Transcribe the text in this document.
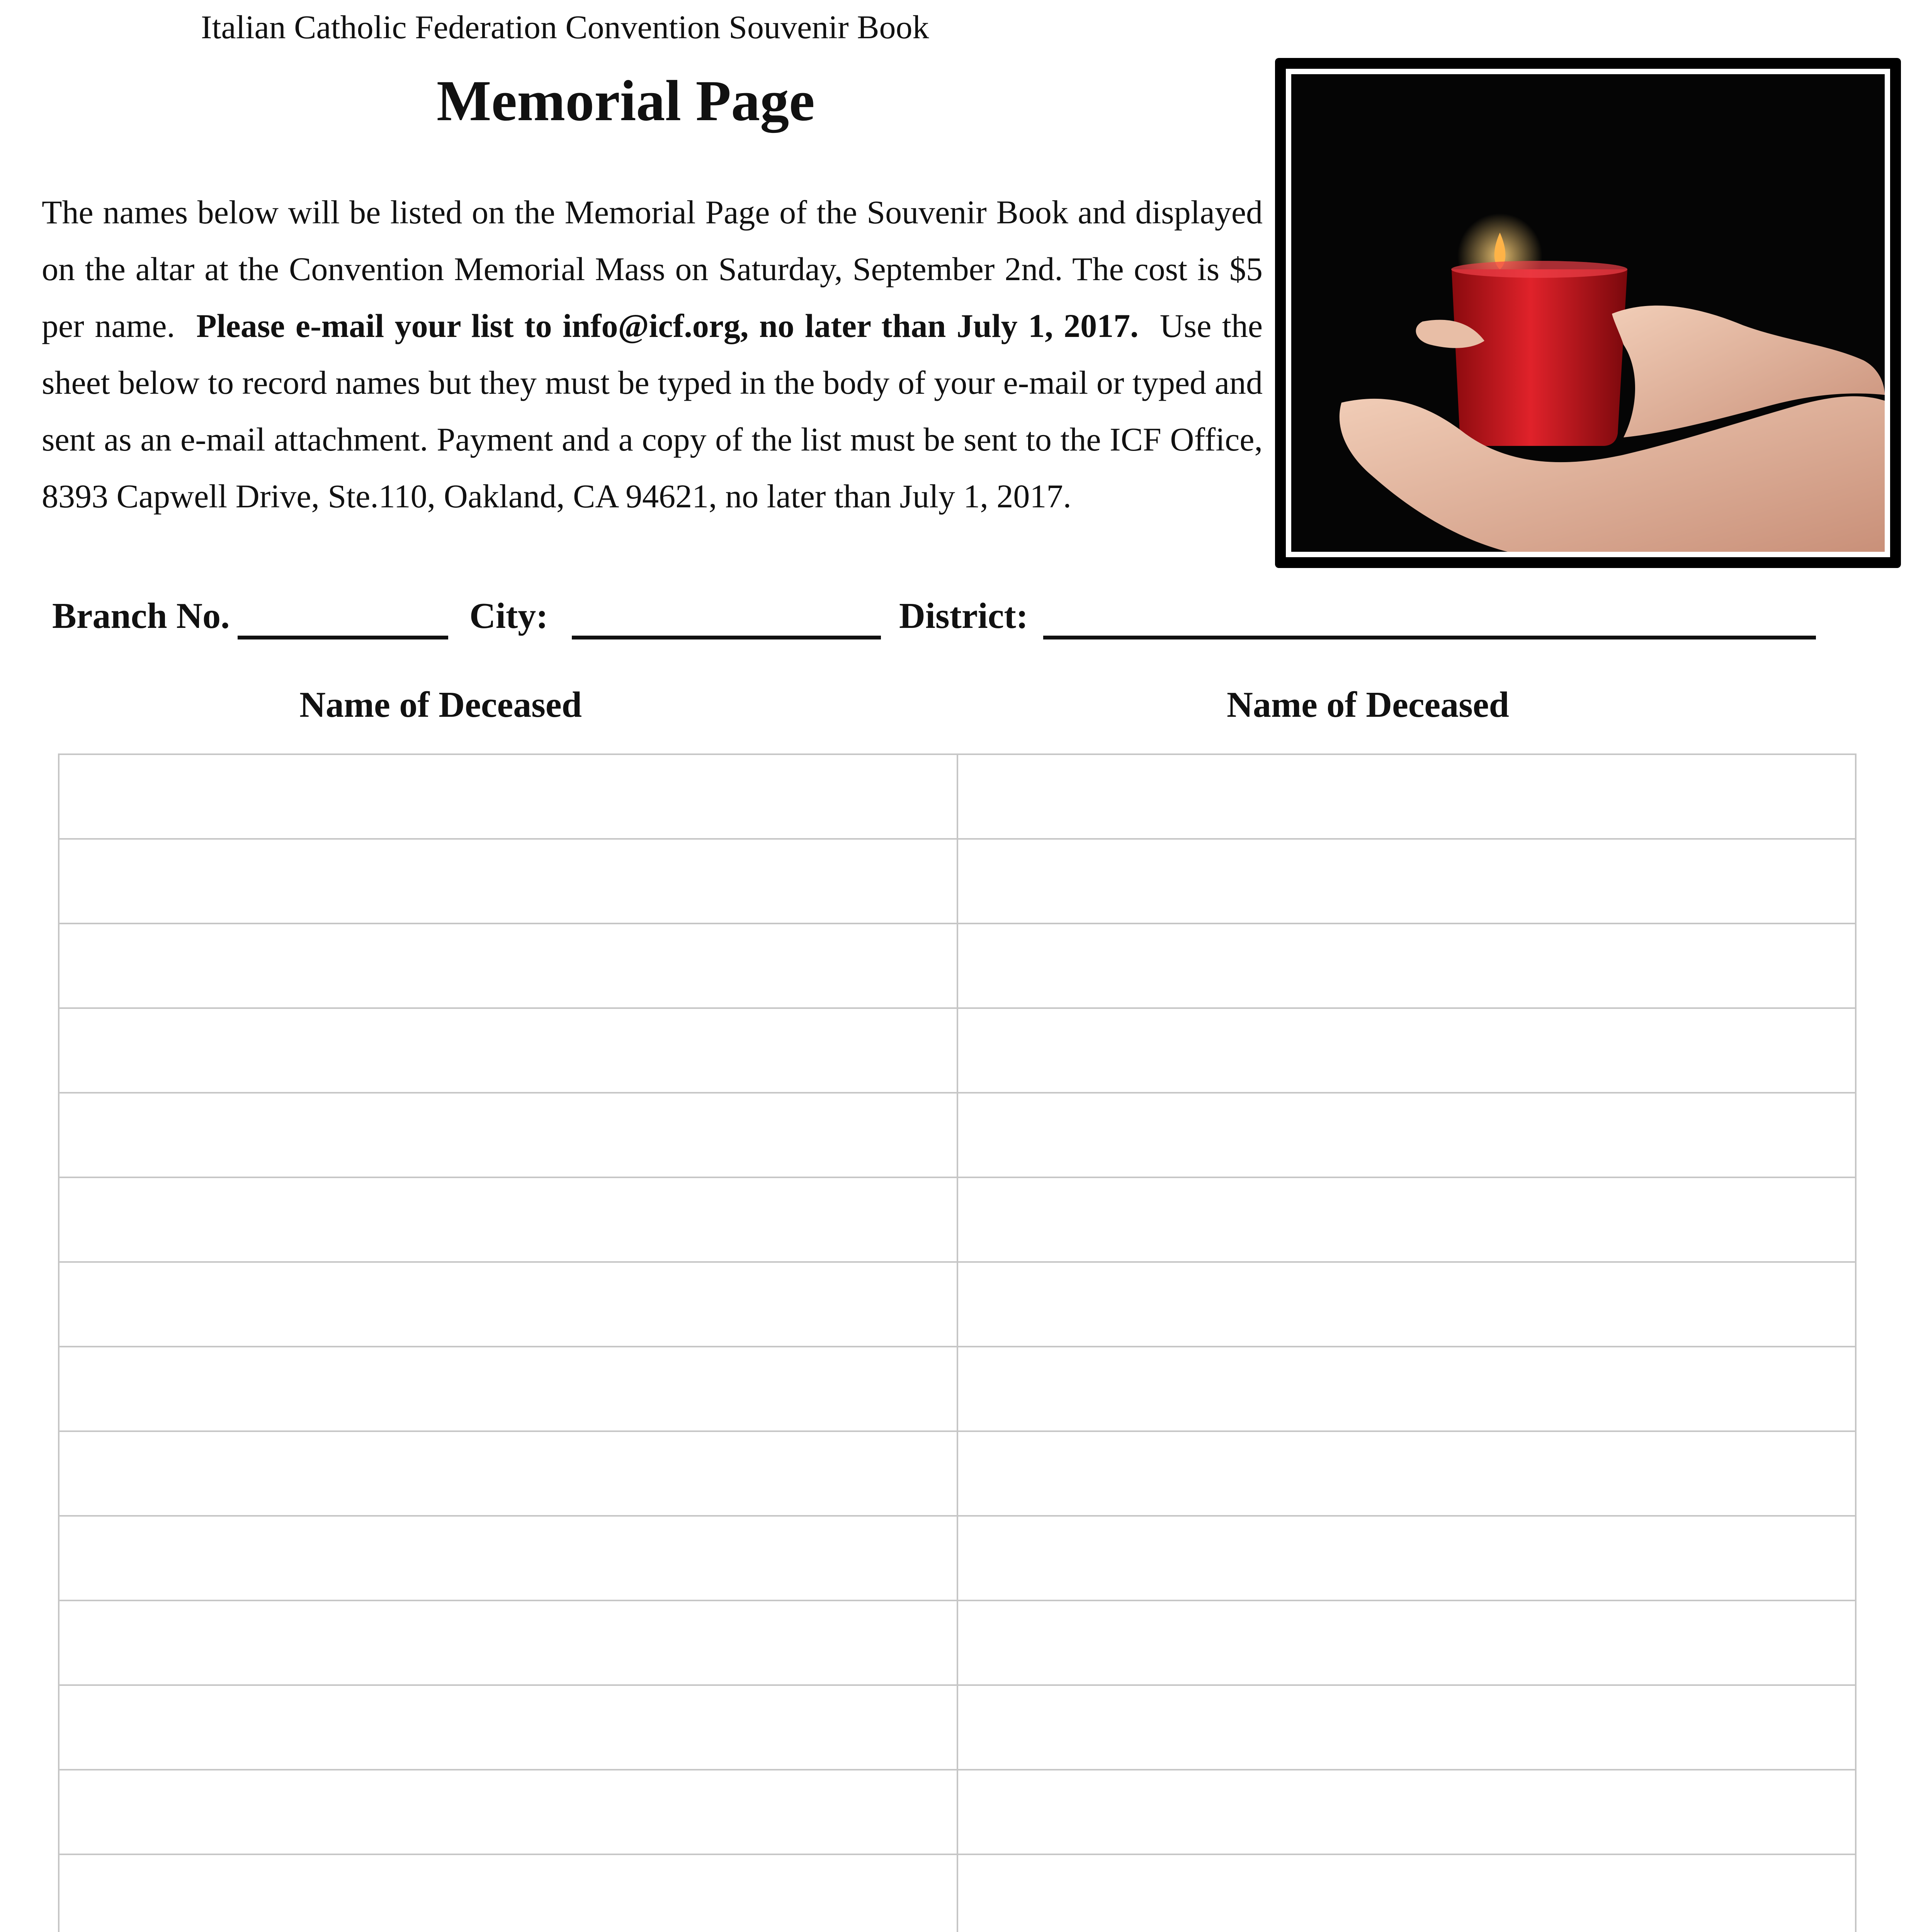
Italian Catholic Federation Convention Souvenir Book
Memorial Page

The names below will be listed on the Memorial Page of the Souvenir Book and displayed on the altar at the Convention Memorial Mass on Saturday, September 2nd. The cost is $5 per name. Please e-mail your list to info@icf.org, no later than July 1, 2017. Use the sheet below to record names but they must be typed in the body of your e-mail or typed and sent as an e-mail attachment. Payment and a copy of the list must be sent to the ICF Office, 8393 Capwell Drive, Ste.110, Oakland, CA 94621, no later than July 1, 2017.

Branch No.	City:	District:
Name of Deceased	Name of Deceased
